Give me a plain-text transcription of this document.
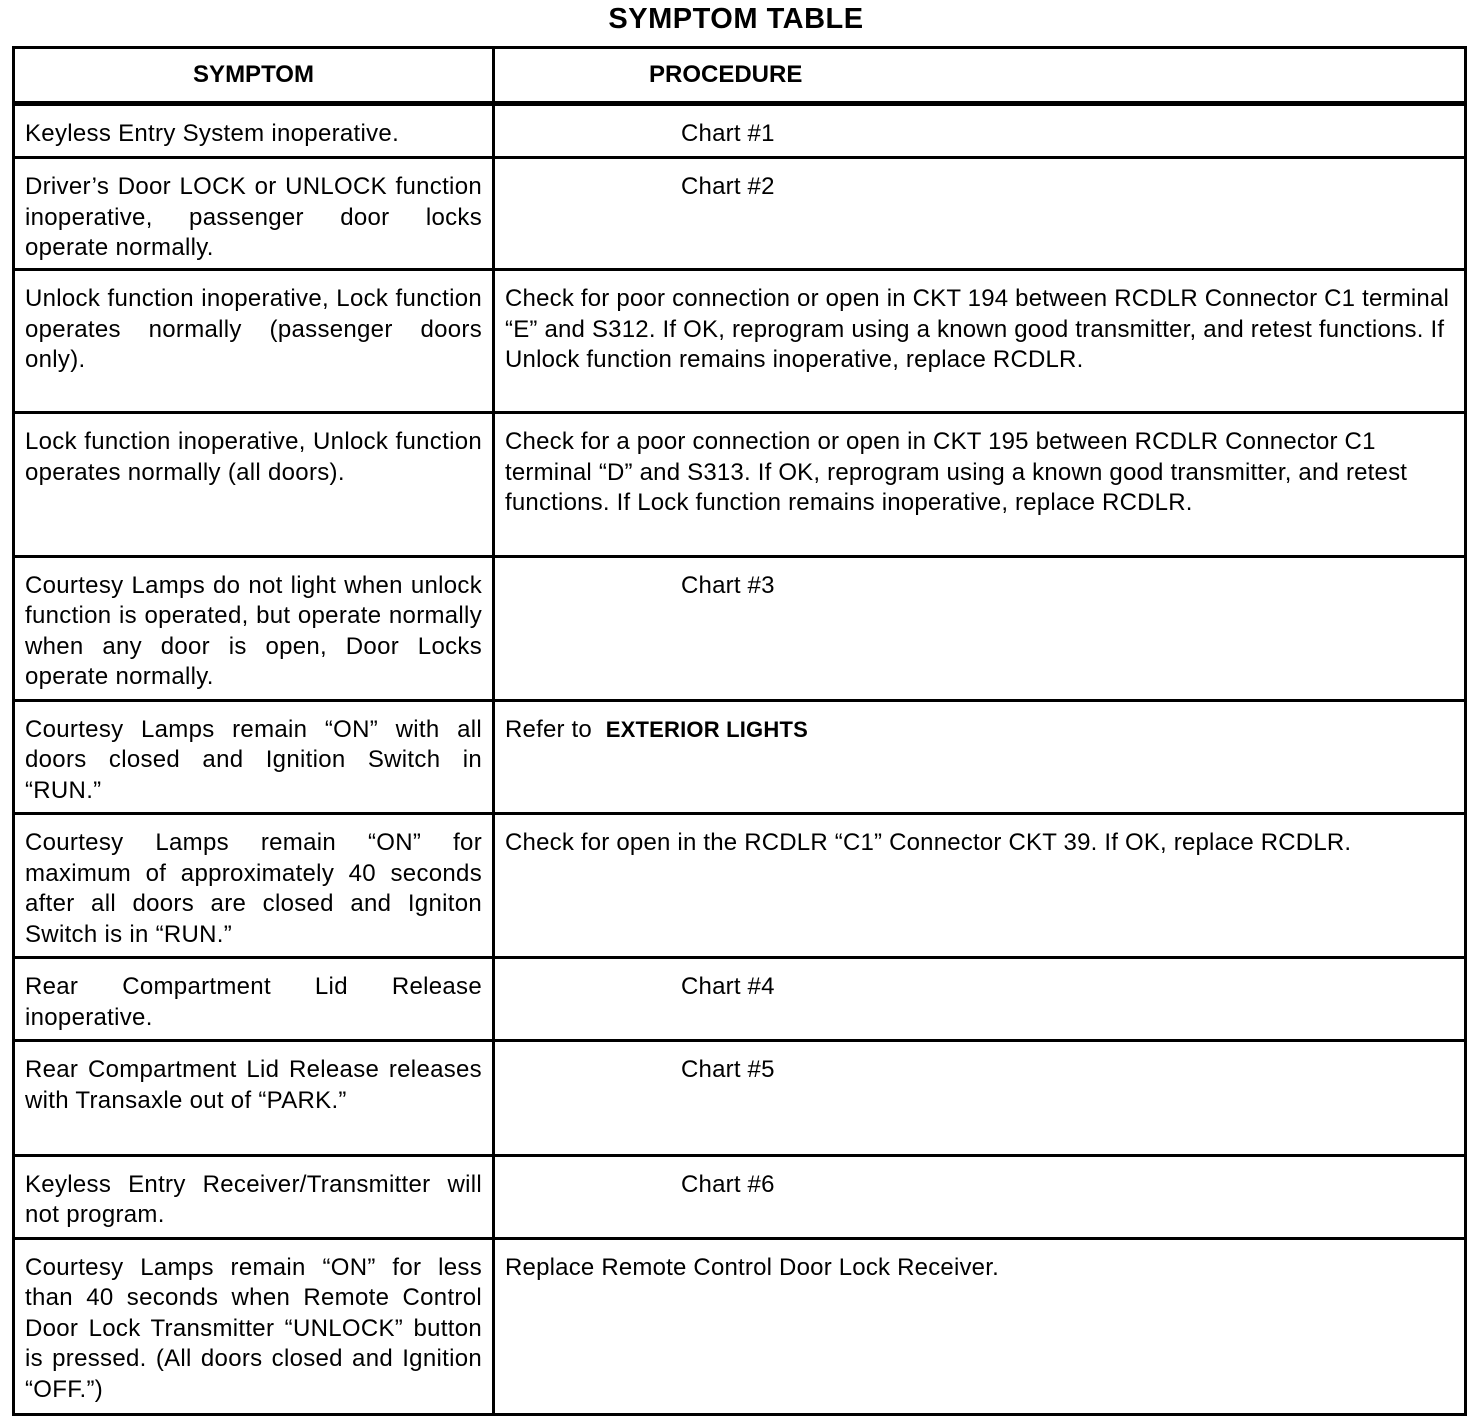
SYMPTOM TABLE
SYMPTOM	PROCEDURE
Keyless Entry System inoperative.	Chart #1
Driver’s Door LOCK or UNLOCK function inoperative, passenger door locks operate normally.	Chart #2
Unlock function inoperative, Lock function operates normally (passenger doors only).	Check for poor connection or open in CKT 194 between RCDLR Connector C1 terminal “E” and S312. If OK, reprogram using a known good transmitter, and retest functions. If Unlock function remains inoperative, replace RCDLR.
Lock function inoperative, Unlock function operates normally (all doors).	Check for a poor connection or open in CKT 195 between RCDLR Connector C1 terminal “D” and S313. If OK, reprogram using a known good transmitter, and retest functions. If Lock function remains inoperative, replace RCDLR.
Courtesy Lamps do not light when unlock function is operated, but operate normally when any door is open, Door Locks operate normally.	Chart #3
Courtesy Lamps remain “ON” with all doors closed and Ignition Switch in “RUN.”	Refer to EXTERIOR LIGHTS
Courtesy Lamps remain “ON” for maximum of approximately 40 seconds after all doors are closed and Igniton Switch is in “RUN.”	Check for open in the RCDLR “C1” Connector CKT 39. If OK, replace RCDLR.
Rear Compartment Lid Release inoperative.	Chart #4
Rear Compartment Lid Release releases with Transaxle out of “PARK.”	Chart #5
Keyless Entry Receiver/Transmitter will not program.	Chart #6
Courtesy Lamps remain “ON” for less than 40 seconds when Remote Control Door Lock Transmitter “UNLOCK” button is pressed. (All doors closed and Ignition “OFF.”)	Replace Remote Control Door Lock Receiver.
